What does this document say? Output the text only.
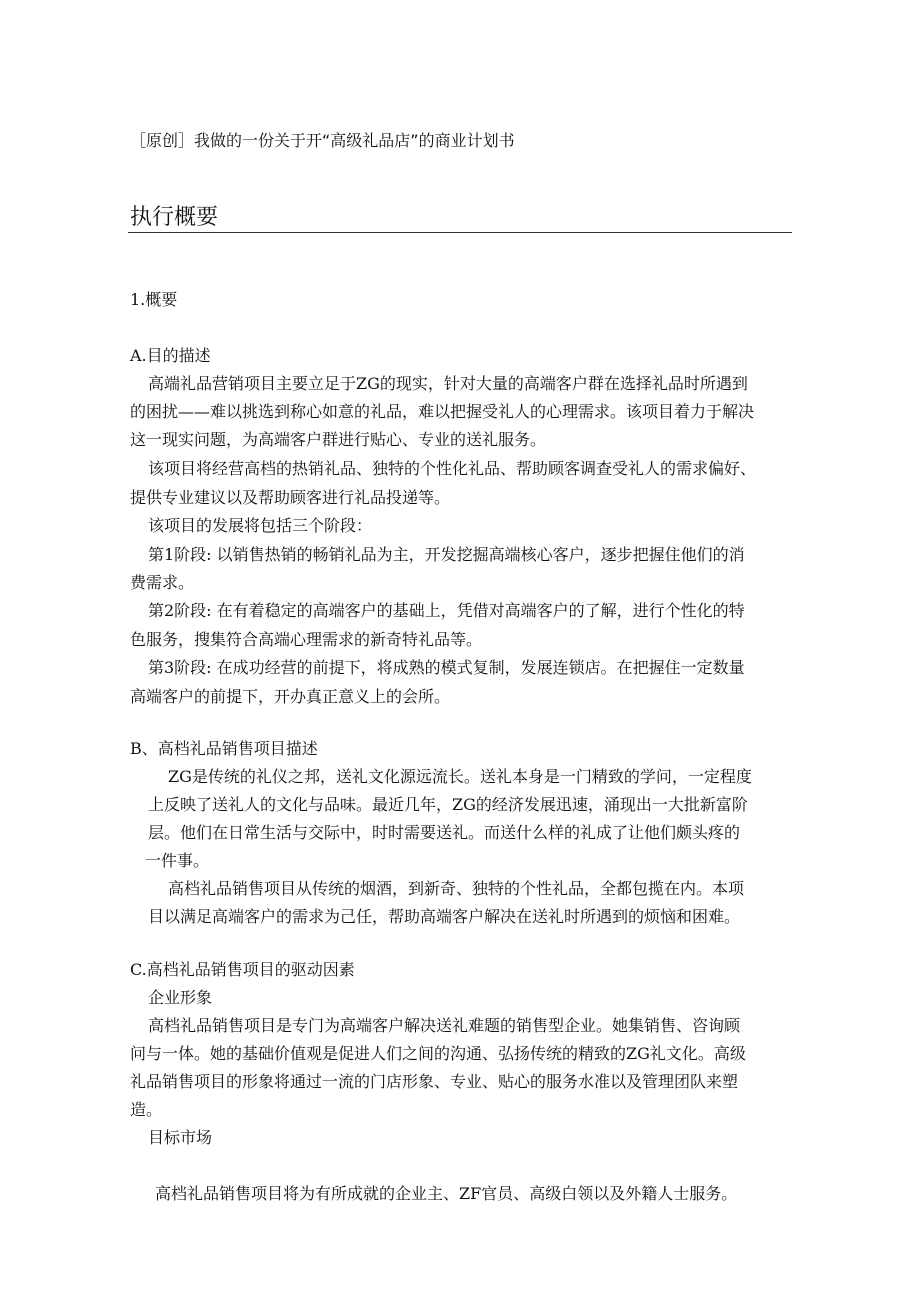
［原创］我做的一份关于开“高级礼品店”的商业计划书
执行概要
1.概要
A.目的描述
高端礼品营销项目主要立足于ZG的现实，针对大量的高端客户群在选择礼品时所遇到
的困扰——难以挑选到称心如意的礼品，难以把握受礼人的心理需求。该项目着力于解决
这一现实问题，为高端客户群进行贴心、专业的送礼服务。
该项目将经营高档的热销礼品、独特的个性化礼品、帮助顾客调查受礼人的需求偏好、
提供专业建议以及帮助顾客进行礼品投递等。
该项目的发展将包括三个阶段：
第1阶段: 以销售热销的畅销礼品为主，开发挖掘高端核心客户，逐步把握住他们的消
费需求。
第2阶段: 在有着稳定的高端客户的基础上，凭借对高端客户的了解，进行个性化的特
色服务，搜集符合高端心理需求的新奇特礼品等。
第3阶段: 在成功经营的前提下，将成熟的模式复制，发展连锁店。在把握住一定数量
高端客户的前提下，开办真正意义上的会所。
B、高档礼品销售项目描述
ZG是传统的礼仪之邦，送礼文化源远流长。送礼本身是一门精致的学问，一定程度
上反映了送礼人的文化与品味。最近几年，ZG的经济发展迅速，涌现出一大批新富阶
层。他们在日常生活与交际中，时时需要送礼。而送什么样的礼成了让他们颇头疼的
一件事。
高档礼品销售项目从传统的烟酒，到新奇、独特的个性礼品，全都包揽在内。本项
目以满足高端客户的需求为己任，帮助高端客户解决在送礼时所遇到的烦恼和困难。
C.高档礼品销售项目的驱动因素
企业形象
高档礼品销售项目是专门为高端客户解决送礼难题的销售型企业。她集销售、咨询顾
问与一体。她的基础价值观是促进人们之间的沟通、弘扬传统的精致的ZG礼文化。高级
礼品销售项目的形象将通过一流的门店形象、专业、贴心的服务水准以及管理团队来塑
造。
目标市场
高档礼品销售项目将为有所成就的企业主、ZF官员、高级白领以及外籍人士服务。
